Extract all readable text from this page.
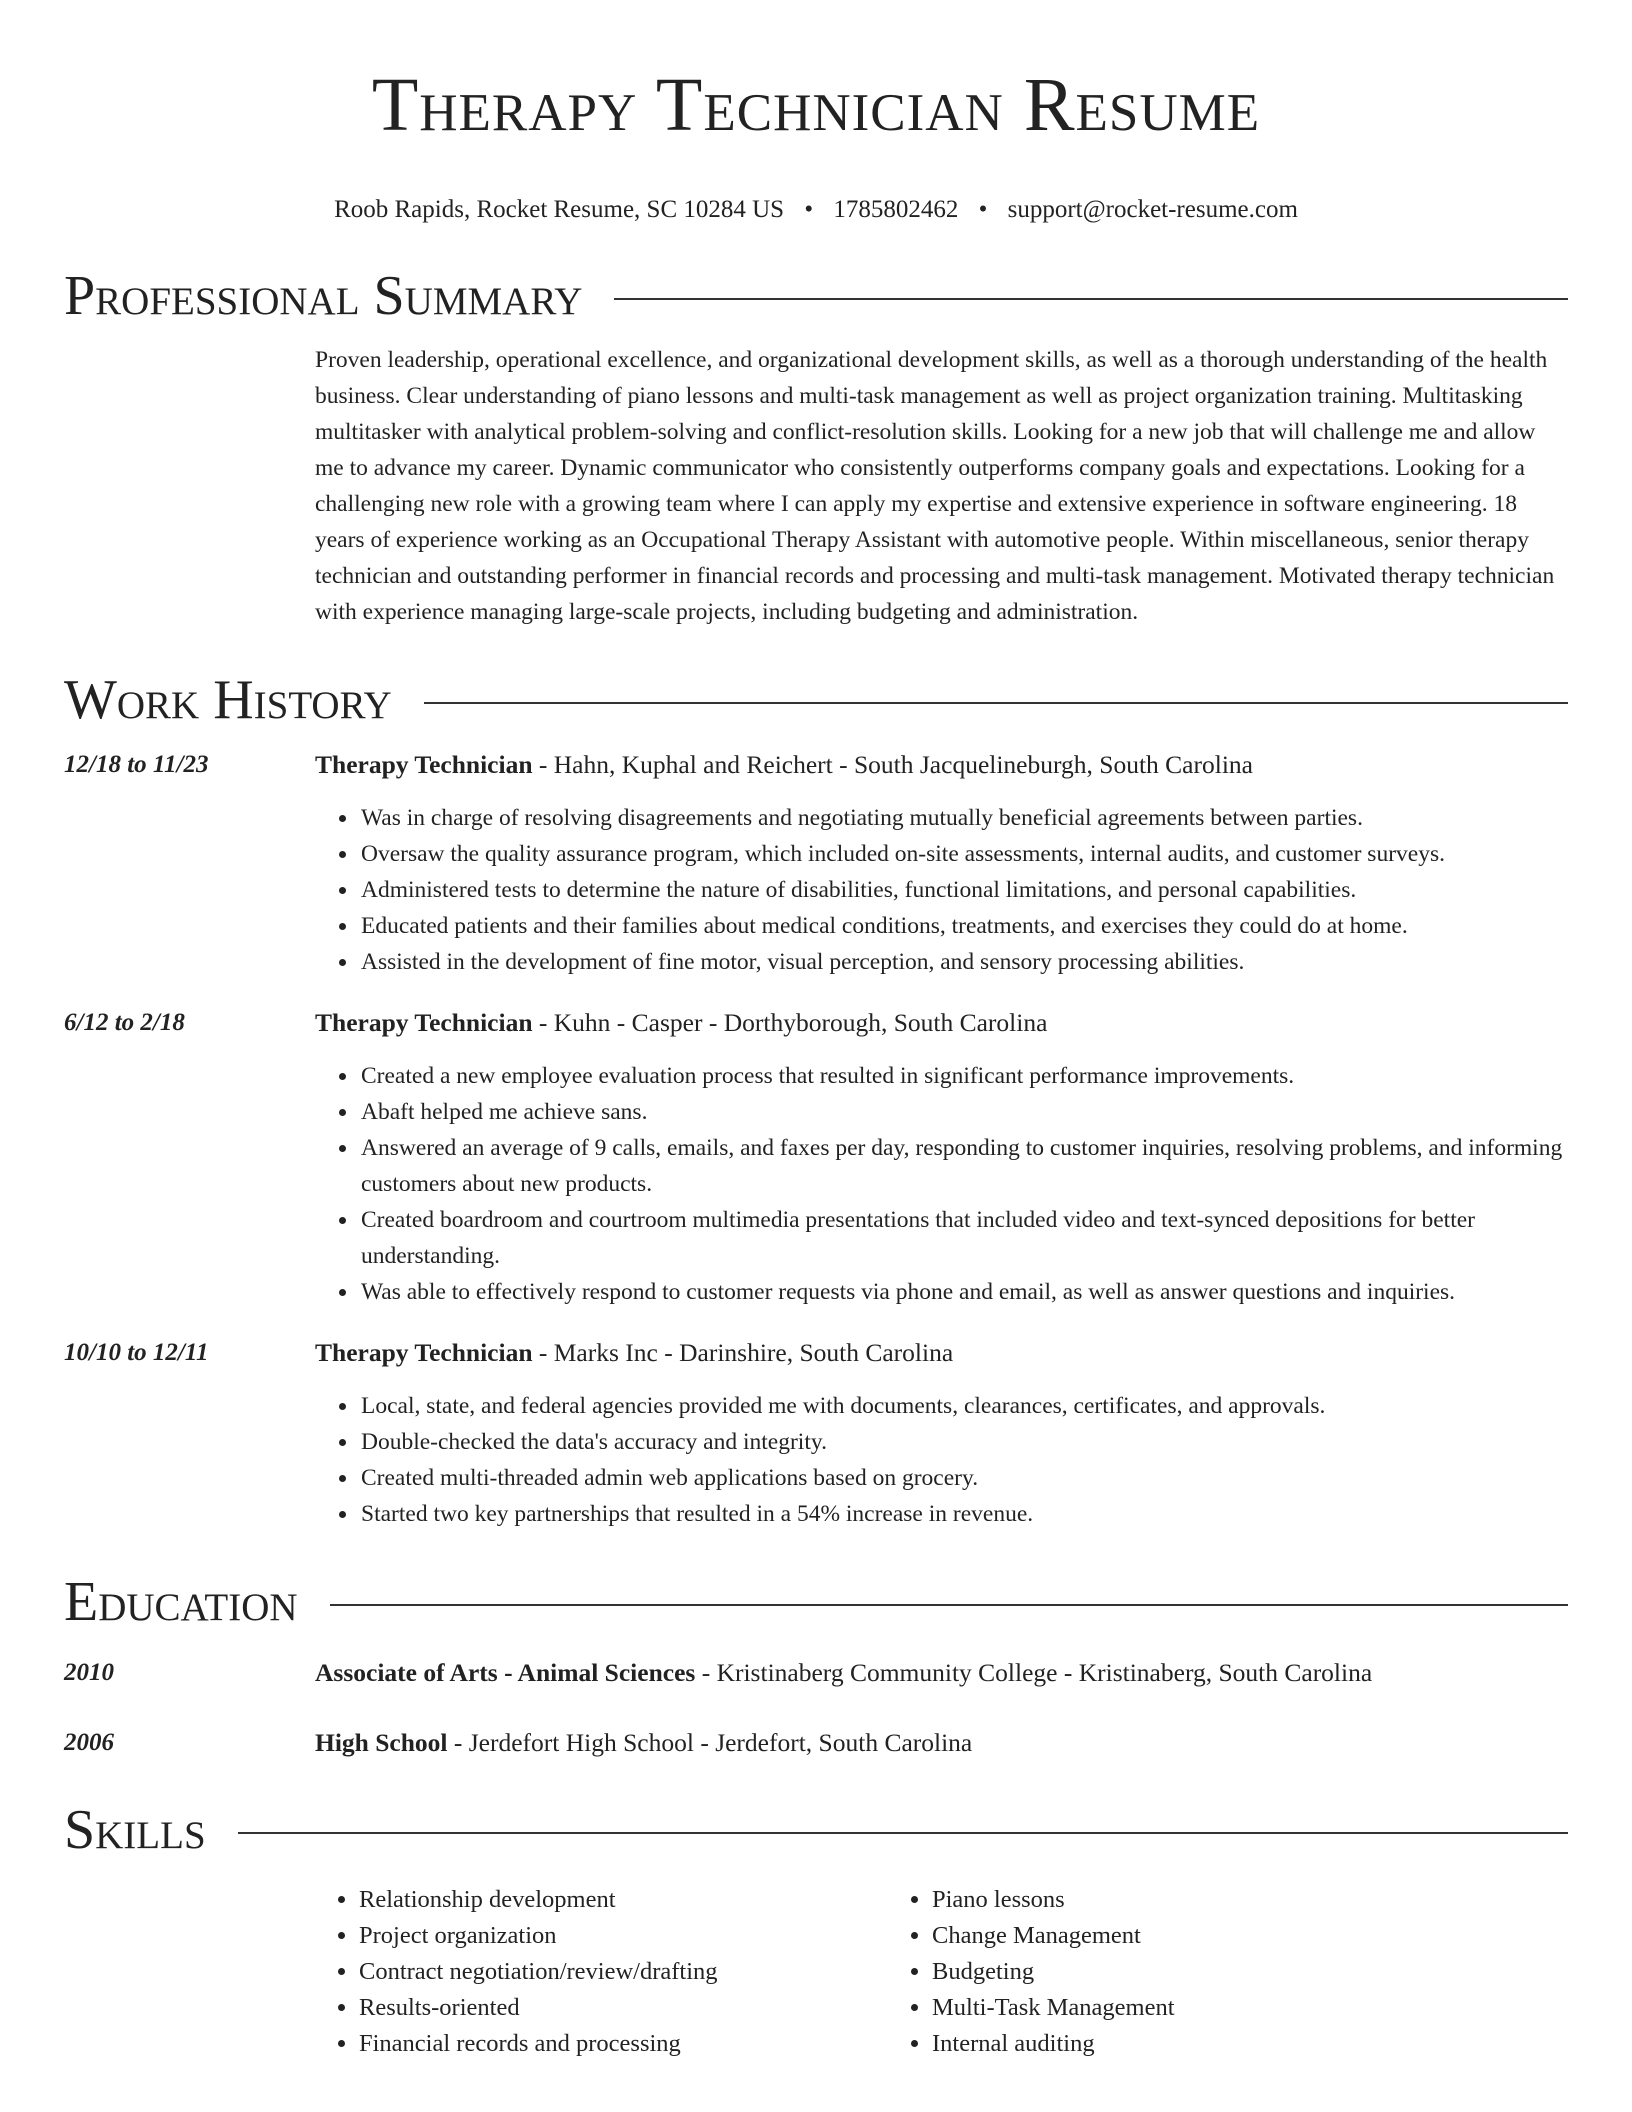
Therapy Technician Resume
Roob Rapids, Rocket Resume, SC 10284 US • 1785802462 • support@rocket-resume.com
Professional Summary
Proven leadership, operational excellence, and organizational development skills, as well as a thorough understanding of the health business. Clear understanding of piano lessons and multi-task management as well as project organization training. Multitasking multitasker with analytical problem-solving and conflict-resolution skills. Looking for a new job that will challenge me and allow me to advance my career. Dynamic communicator who consistently outperforms company goals and expectations. Looking for a challenging new role with a growing team where I can apply my expertise and extensive experience in software engineering. 18 years of experience working as an Occupational Therapy Assistant with automotive people. Within miscellaneous, senior therapy technician and outstanding performer in financial records and processing and multi-task management. Motivated therapy technician with experience managing large-scale projects, including budgeting and administration.
Work History
12/18 to 11/23	Therapy Technician - Hahn, Kuphal and Reichert - South Jacquelineburgh, South Carolina
• Was in charge of resolving disagreements and negotiating mutually beneficial agreements between parties.
• Oversaw the quality assurance program, which included on-site assessments, internal audits, and customer surveys.
• Administered tests to determine the nature of disabilities, functional limitations, and personal capabilities.
• Educated patients and their families about medical conditions, treatments, and exercises they could do at home.
• Assisted in the development of fine motor, visual perception, and sensory processing abilities.
6/12 to 2/18	Therapy Technician - Kuhn - Casper - Dorthyborough, South Carolina
• Created a new employee evaluation process that resulted in significant performance improvements.
• Abaft helped me achieve sans.
• Answered an average of 9 calls, emails, and faxes per day, responding to customer inquiries, resolving problems, and informing customers about new products.
• Created boardroom and courtroom multimedia presentations that included video and text-synced depositions for better understanding.
• Was able to effectively respond to customer requests via phone and email, as well as answer questions and inquiries.
10/10 to 12/11	Therapy Technician - Marks Inc - Darinshire, South Carolina
• Local, state, and federal agencies provided me with documents, clearances, certificates, and approvals.
• Double-checked the data's accuracy and integrity.
• Created multi-threaded admin web applications based on grocery.
• Started two key partnerships that resulted in a 54% increase in revenue.
Education
2010	Associate of Arts - Animal Sciences - Kristinaberg Community College - Kristinaberg, South Carolina
2006	High School - Jerdefort High School - Jerdefort, South Carolina
Skills
• Relationship development
• Project organization
• Contract negotiation/review/drafting
• Results-oriented
• Financial records and processing
• Piano lessons
• Change Management
• Budgeting
• Multi-Task Management
• Internal auditing
